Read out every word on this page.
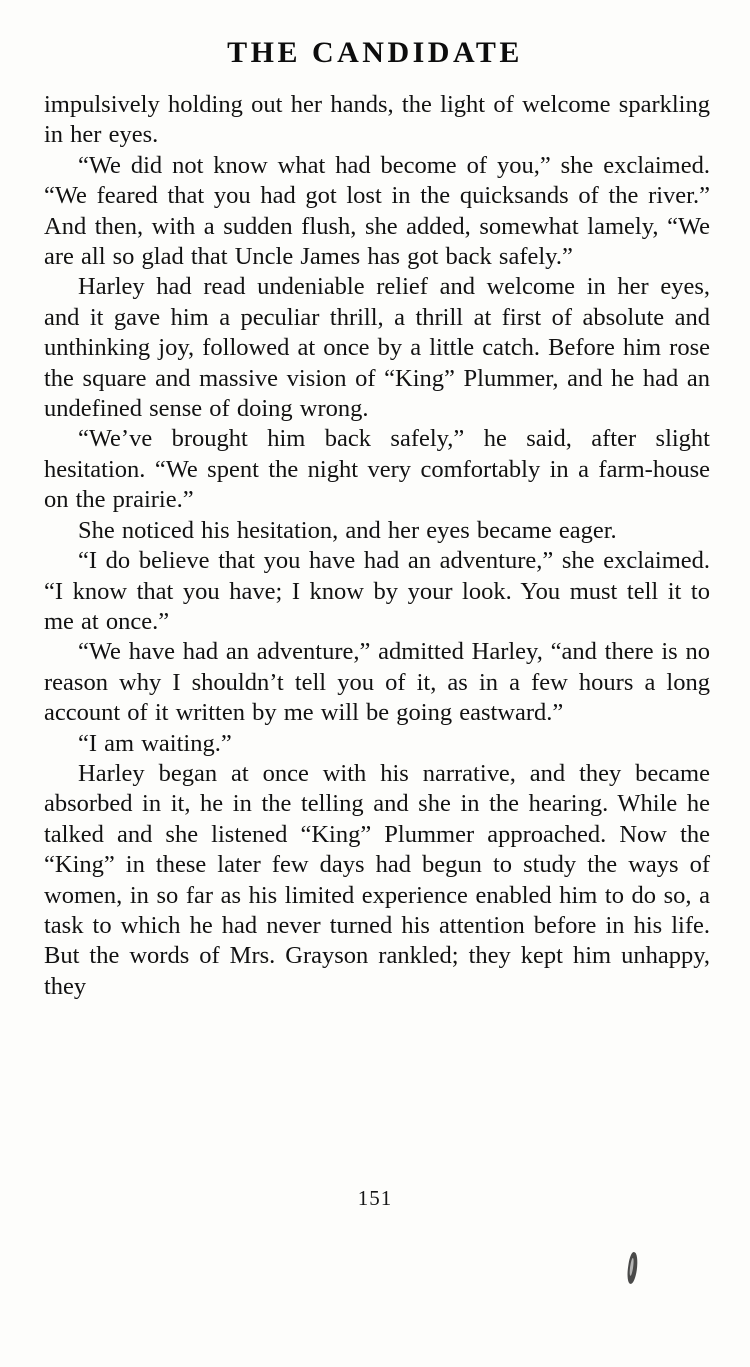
THE CANDIDATE

impulsively holding out her hands, the light of welcome sparkling in her eyes.

“We did not know what had become of you,” she exclaimed. “We feared that you had got lost in the quicksands of the river.” And then, with a sudden flush, she added, somewhat lamely, “We are all so glad that Uncle James has got back safely.”

Harley had read undeniable relief and welcome in her eyes, and it gave him a peculiar thrill, a thrill at first of absolute and unthinking joy, followed at once by a little catch. Before him rose the square and massive vision of “King” Plummer, and he had an undefined sense of doing wrong.

“We’ve brought him back safely,” he said, after slight hesitation. “We spent the night very comfortably in a farm-house on the prairie.”

She noticed his hesitation, and her eyes became eager.

“I do believe that you have had an adventure,” she exclaimed. “I know that you have; I know by your look. You must tell it to me at once.”

“We have had an adventure,” admitted Harley, “and there is no reason why I shouldn’t tell you of it, as in a few hours a long account of it written by me will be going eastward.”

“I am waiting.”

Harley began at once with his narrative, and they became absorbed in it, he in the telling and she in the hearing. While he talked and she listened “King” Plummer approached. Now the “King” in these later few days had begun to study the ways of women, in so far as his limited experience enabled him to do so, a task to which he had never turned his attention before in his life. But the words of Mrs. Grayson rankled; they kept him unhappy, they

151
